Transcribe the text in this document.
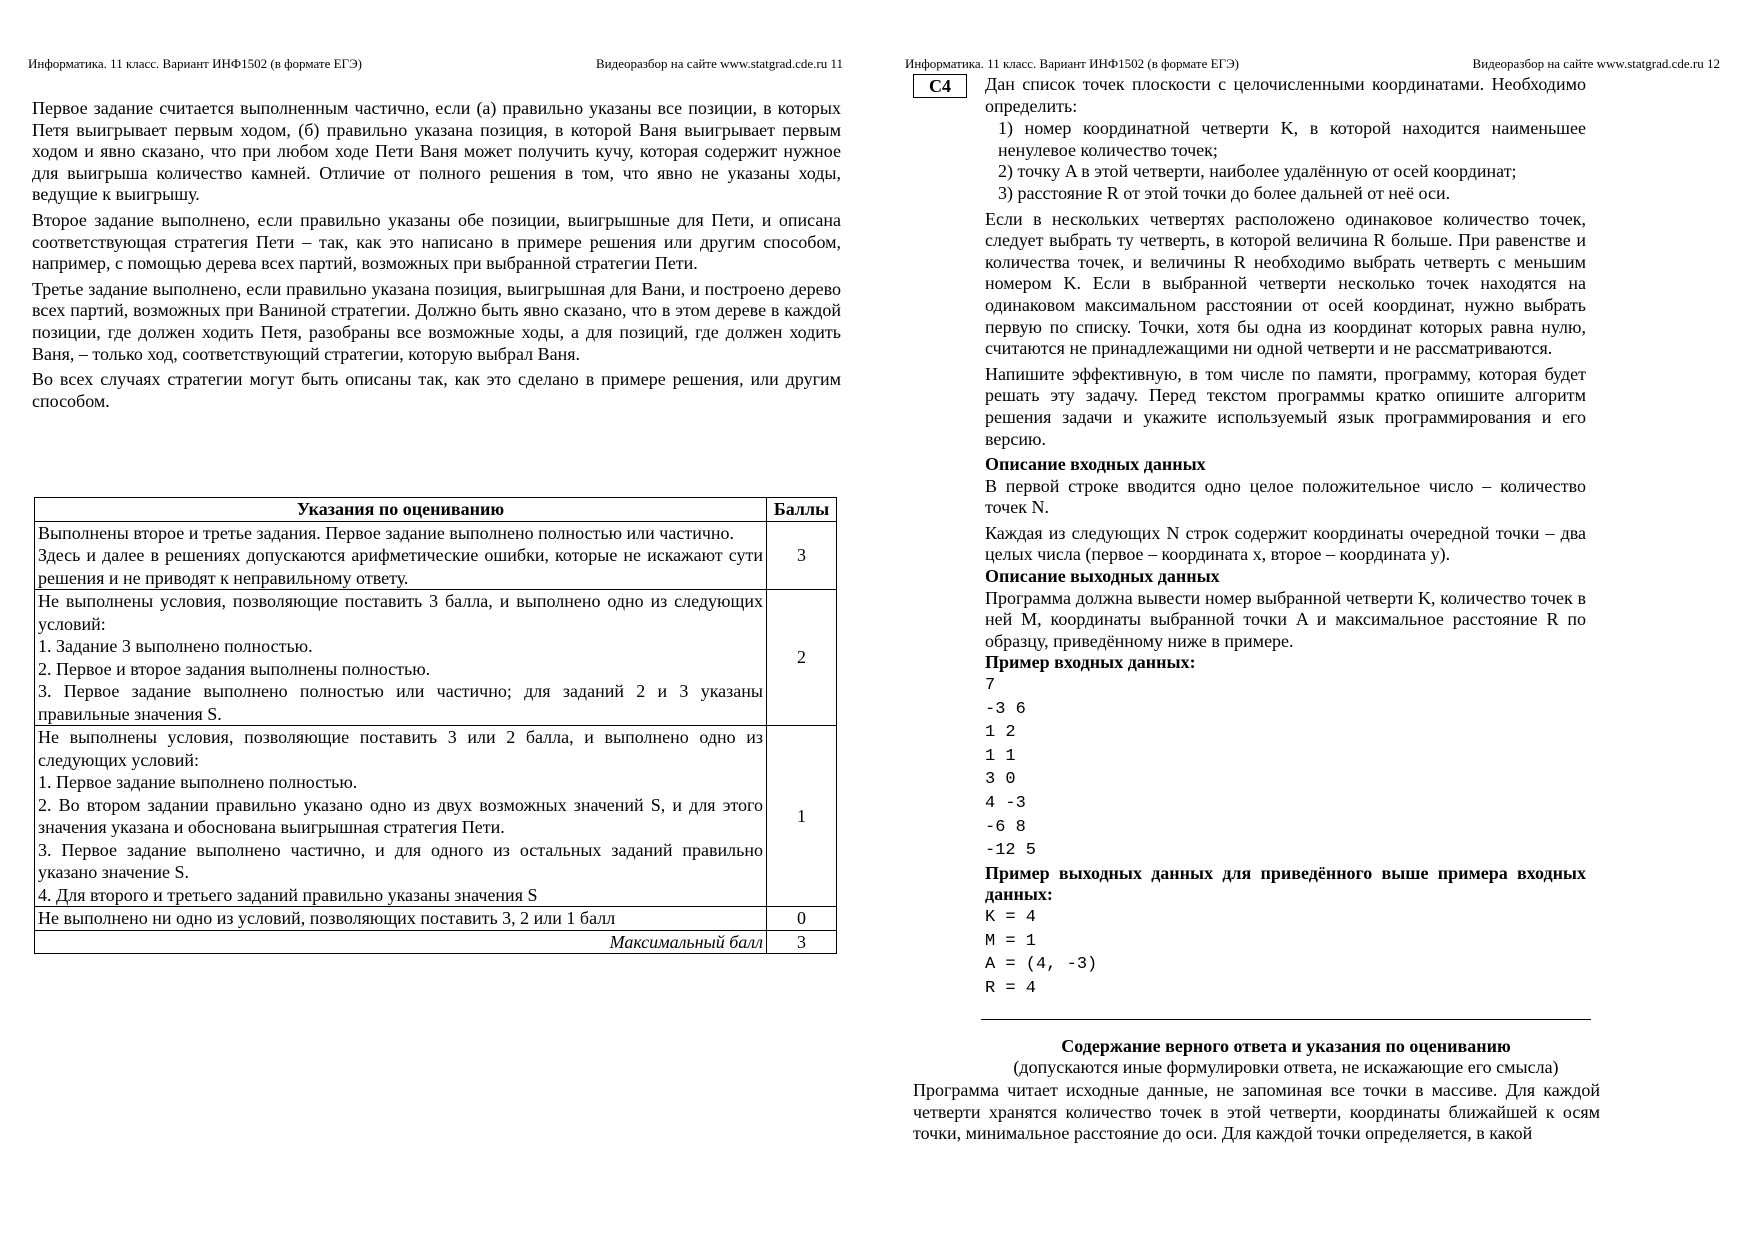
Информатика. 11 класс. Вариант ИНФ1502 (в формате ЕГЭ)	Видеоразбор на сайте www.statgrad.cde.ru 11

Первое задание считается выполненным частично, если (а) правильно указаны все позиции, в которых Петя выигрывает первым ходом, (б) правильно указана позиция, в которой Ваня выигрывает первым ходом и явно сказано, что при любом ходе Пети Ваня может получить кучу, которая содержит нужное для выигрыша количество камней. Отличие от полного решения в том, что явно не указаны ходы, ведущие к выигрышу.

Второе задание выполнено, если правильно указаны обе позиции, выигрышные для Пети, и описана соответствующая стратегия Пети – так, как это написано в примере решения или другим способом, например, с помощью дерева всех партий, возможных при выбранной стратегии Пети.

Третье задание выполнено, если правильно указана позиция, выигрышная для Вани, и построено дерево всех партий, возможных при Ваниной стратегии. Должно быть явно сказано, что в этом дереве в каждой позиции, где должен ходить Петя, разобраны все возможные ходы, а для позиций, где должен ходить Ваня, – только ход, соответствующий стратегии, которую выбрал Ваня.

Во всех случаях стратегии могут быть описаны так, как это сделано в примере решения, или другим способом.

Указания по оцениванию	Баллы

Выполнены второе и третье задания. Первое задание выполнено полностью или частично.
Здесь и далее в решениях допускаются арифметические ошибки, которые не искажают сути решения и не приводят к неправильному ответу.	3

Не выполнены условия, позволяющие поставить 3 балла, и выполнено одно из следующих условий:
1. Задание 3 выполнено полностью.
2. Первое и второе задания выполнены полностью.
3. Первое задание выполнено полностью или частично; для заданий 2 и 3 указаны правильные значения S.	2

Не выполнены условия, позволяющие поставить 3 или 2 балла, и выполнено одно из следующих условий:
1. Первое задание выполнено полностью.
2. Во втором задании правильно указано одно из двух возможных значений S, и для этого значения указана и обоснована выигрышная стратегия Пети.
3. Первое задание выполнено частично, и для одного из остальных заданий правильно указано значение S.
4. Для второго и третьего заданий правильно указаны значения S	1

Не выполнено ни одно из условий, позволяющих поставить 3, 2 или 1 балл	0
Максимальный балл	3
Информатика. 11 класс. Вариант ИНФ1502 (в формате ЕГЭ)	Видеоразбор на сайте www.statgrad.cde.ru 12
С4	Дан список точек плоскости с целочисленными координатами. Необходимо определить:

1) номер координатной четверти K, в которой находится наименьшее ненулевое количество точек;

2) точку A в этой четверти, наиболее удалённую от осей координат;

3) расстояние R от этой точки до более дальней от неё оси.

Если в нескольких четвертях расположено одинаковое количество точек, следует выбрать ту четверть, в которой величина R больше. При равенстве и количества точек, и величины R необходимо выбрать четверть с меньшим номером K. Если в выбранной четверти несколько точек находятся на одинаковом максимальном расстоянии от осей координат, нужно выбрать первую по списку. Точки, хотя бы одна из координат которых равна нулю, считаются не принадлежащими ни одной четверти и не рассматриваются.

Напишите эффективную, в том числе по памяти, программу, которая будет решать эту задачу. Перед текстом программы кратко опишите алгоритм решения задачи и укажите используемый язык программирования и его версию.

Описание входных данных

В первой строке вводится одно целое положительное число – количество точек N.

Каждая из следующих N строк содержит координаты очередной точки – два целых числа (первое – координата x, второе – координата y).

Описание выходных данных

Программа должна вывести номер выбранной четверти K, количество точек в ней M, координаты выбранной точки A и максимальное расстояние R по образцу, приведённому ниже в примере.

Пример входных данных:
7
-3 6
1 2
1 1
3 0
4 -3
-6 8
-12 5
Пример выходных данных для приведённого выше примера входных данных:
K = 4
M = 1
A = (4, -3)
R = 4
Содержание верного ответа и указания по оцениванию
(допускаются иные формулировки ответа, не искажающие его смысла)
Программа читает исходные данные, не запоминая все точки в массиве. Для каждой четверти хранятся количество точек в этой четверти, координаты ближайшей к осям точки, минимальное расстояние до оси. Для каждой точки определяется, в какой
